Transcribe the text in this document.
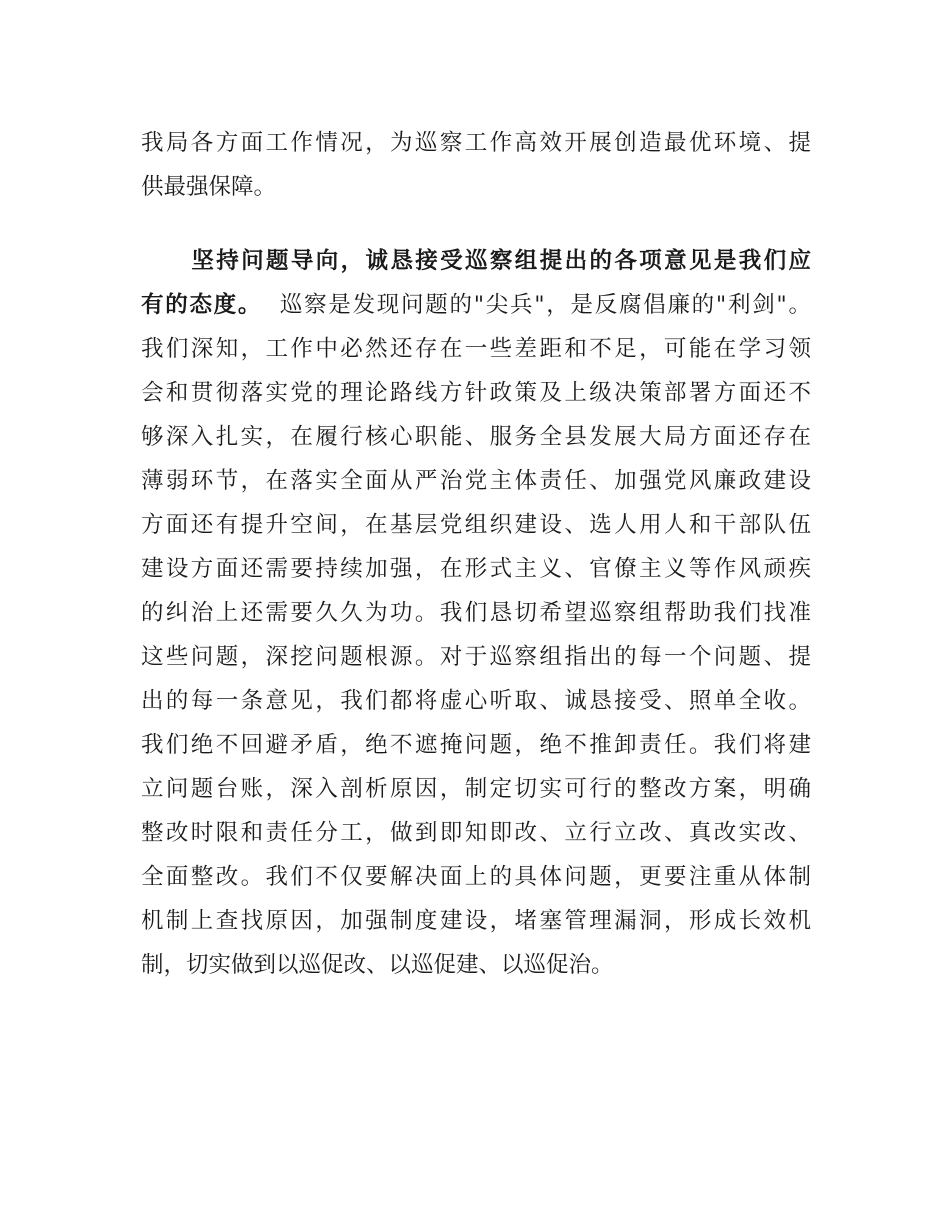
我局各方面工作情况，为巡察工作高效开展创造最优环境、提
供最强保障。
坚持问题导向，诚恳接受巡察组提出的各项意见是我们应
有的态度。 巡察是发现问题的"尖兵"，是反腐倡廉的"利剑"。
我们深知，工作中必然还存在一些差距和不足，可能在学习领
会和贯彻落实党的理论路线方针政策及上级决策部署方面还不
够深入扎实，在履行核心职能、服务全县发展大局方面还存在
薄弱环节，在落实全面从严治党主体责任、加强党风廉政建设
方面还有提升空间，在基层党组织建设、选人用人和干部队伍
建设方面还需要持续加强，在形式主义、官僚主义等作风顽疾
的纠治上还需要久久为功。我们恳切希望巡察组帮助我们找准
这些问题，深挖问题根源。对于巡察组指出的每一个问题、提
出的每一条意见，我们都将虚心听取、诚恳接受、照单全收。
我们绝不回避矛盾，绝不遮掩问题，绝不推卸责任。我们将建
立问题台账，深入剖析原因，制定切实可行的整改方案，明确
整改时限和责任分工，做到即知即改、立行立改、真改实改、
全面整改。我们不仅要解决面上的具体问题，更要注重从体制
机制上查找原因，加强制度建设，堵塞管理漏洞，形成长效机
制，切实做到以巡促改、以巡促建、以巡促治。
